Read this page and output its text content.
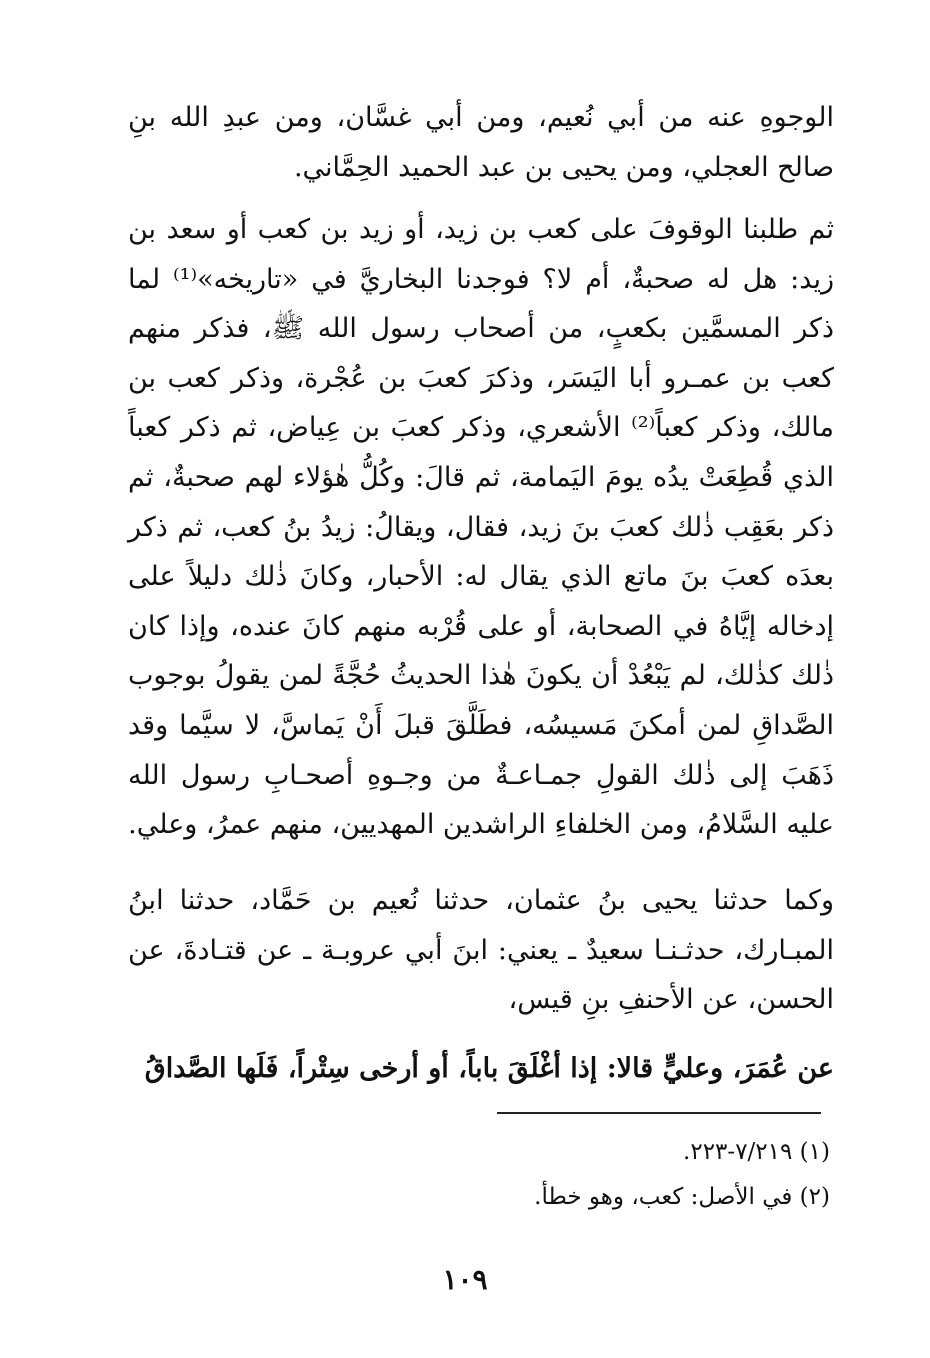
الوجوهِ عنه من أبي نُعيم، ومن أبي غسَّان، ومن عبدِ الله بنِ صالح العجلي، ومن يحيى بن عبد الحميد الحِمَّاني.

ثم طلبنا الوقوفَ على كعب بن زيد، أو زيد بن كعب أو سعد بن زيد: هل له صحبةٌ، أم لا؟ فوجدنا البخاريَّ في «تاريخه»⁽¹⁾ لما ذكر المسمَّين بكعبٍ، من أصحاب رسول الله ﷺ، فذكر منهم كعب بن عمـرو أبا اليَسَر، وذكرَ كعبَ بن عُجْرة، وذكر كعب بن مالك، وذكر كعباً⁽²⁾ الأشعري، وذكر كعبَ بن عِياض، ثم ذكر كعباً الذي قُطِعَتْ يدُه يومَ اليَمامة، ثم قالَ: وكُلُّ هٰؤلاء لهم صحبةٌ، ثم ذكر بعَقِب ذٰلك كعبَ بنَ زيد، فقال، ويقالُ: زيدُ بنُ كعب، ثم ذكر بعدَه كعبَ بنَ ماتع الذي يقال له: الأحبار، وكانَ ذٰلك دليلاً على إدخاله إيَّاهُ في الصحابة، أو على قُرْبه منهم كانَ عنده، وإذا كان ذٰلك كذٰلك، لم يَبْعُدْ أن يكونَ هٰذا الحديثُ حُجَّةً لمن يقولُ بوجوب الصَّداقِ لمن أمكنَ مَسيسُه، فطَلَّقَ قبلَ أَنْ يَماسَّ، لا سيَّما وقد ذَهَبَ إلى ذٰلك القولِ جمـاعـةٌ من وجـوهِ أصحـابِ رسول الله عليه السَّلامُ، ومن الخلفاءِ الراشدين المهديين، منهم عمرُ، وعلي.

وكما حدثنا يحيى بنُ عثمان، حدثنا نُعيم بن حَمَّاد، حدثنا ابنُ المبـارك، حدثـنـا سعيدٌ ـ يعني: ابنَ أبي عروبـة ـ عن قتـادةَ، عن الحسن، عن الأحنفِ بنِ قيس،

عن عُمَرَ، وعليٍّ قالا: إذا أغْلَقَ باباً، أو أرخى سِتْراً، فَلَها الصَّداقُ

(١) ٧/٢١٩-٢٢٣.

(٢) في الأصل: كعب، وهو خطأ.

١٠٩
